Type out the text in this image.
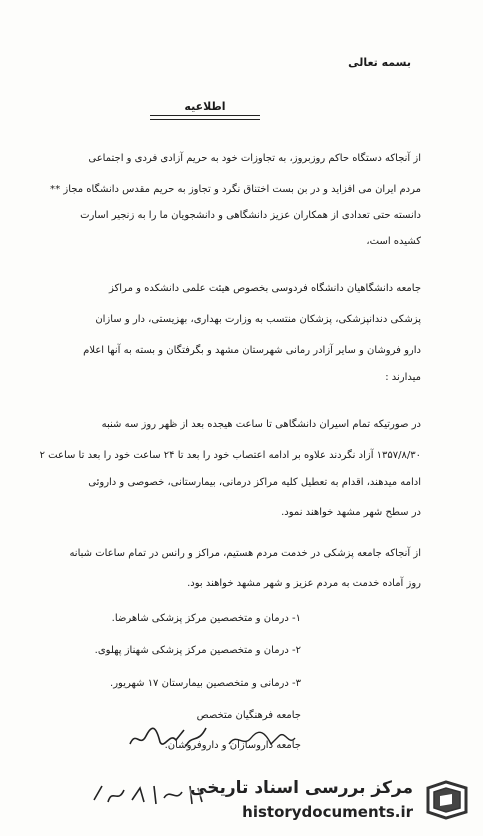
بسمه تعالی
اطلاعیه
از آنجاکه دستگاه حاکم روزبروز، به تجاوزات خود به حریم آزادی فردی و اجتماعی
مردم ایران می افزاید و در بن بست اختناق نگرد و تجاوز به حریم مقدس دانشگاه مجاز *
دانسته حتی تعدادی از همکاران عزیز دانشگاهی و دانشجویان ما را به زنجیر اسارت
کشیده است،
جامعه دانشگاهیان دانشگاه فردوسی بخصوص هیئت علمی دانشکده و مراکز
پزشکی دندانپزشکی، پزشکان منتسب به وزارت بهداری، بهزیستی، دار و سازان
دارو فروشان و سایر آزادر رمانی شهرستان مشهد و بگرفتگان و بسته به آنها اعلام
میدارند :
در صورتیکه تمام اسیران دانشگاهی تا ساعت هیجده بعد از ظهر روز سه شنبه
۱۳۵۷/۸/۳۰ آزاد نگردند علاوه بر ادامه اعتصاب خود را بعد تا ۲۴ ساعت خود را بعد تا ساعت ۲
ادامه میدهند، اقدام به تعطیل کلیه مراکز درمانی، بیمارستانی، خصوصی و داروئی
در سطح شهر مشهد خواهند نمود.
از آنجاکه جامعه پزشکی در خدمت مردم هستیم، مراکز و رانس در تمام ساعات شبانه
روز آماده خدمت به مردم عزیز و شهر مشهد خواهند بود.
۱- درمان و متخصصین مرکز پزشکی شاهرضا.
۲- درمان و متخصصین مرکز پزشکی شهناز پهلوی.
۳- درمانی و متخصصین بیمارستان ۱۷ شهریور.
جامعه فرهنگیان متخصص
جامعه داروسازان و داروفروشان.
*
مرکز بررسی اسناد تاریخی
historydocuments.ir
